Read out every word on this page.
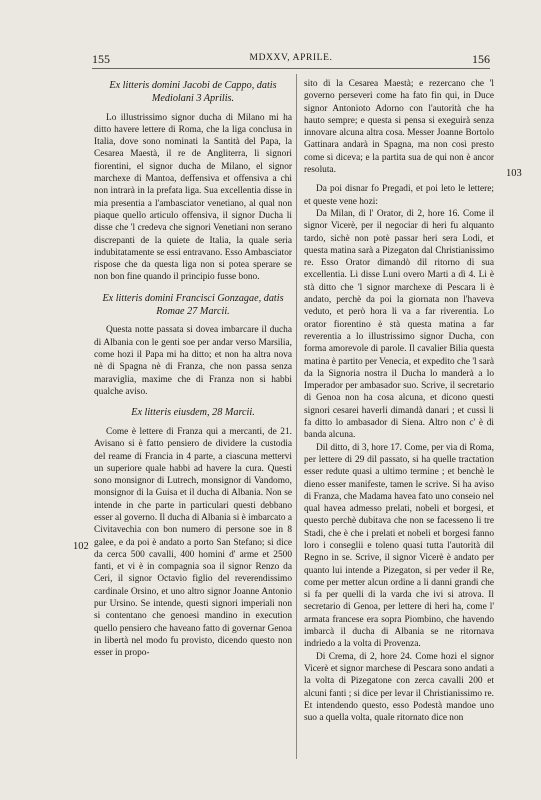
155	MDXXV, APRILE.	156
102
103
Ex litteris domini Jacobi de Cappo, datis Mediolani 3 Aprilis.

Lo illustrissimo signor ducha di Milano mi ha ditto havere lettere di Roma, che la liga conclusa in Italia, dove sono nominati la Santità del Papa, la Cesarea Maestà, il re de Angliterra, li signori fiorentini, el signor ducha de Milano, el signor marchexe di Mantoa, deffensiva et offensiva a chi non intrarà in la prefata liga. Sua excellentia disse in mia presentia a l'ambasciator venetiano, al qual non piaque quello articulo offensiva, il signor Ducha li disse che 'l credeva che signori Venetiani non serano discrepanti de la quiete de Italia, la quale seria indubitatamente se essi entravano. Esso Ambasciator rispose che da questa liga non si potea sperare se non bon fine quando il principio fusse bono.

Ex litteris domini Francisci Gonzagae, datis Romae 27 Marcii.

Questa notte passata si dovea imbarcare il ducha di Albania con le genti soe per andar verso Marsilia, come hozi il Papa mi ha ditto; et non ha altra nova nè di Spagna nè di Franza, che non passa senza maraviglia, maxime che di Franza non si habbi qualche aviso.

Ex litteris eiusdem, 28 Marcii.

Come è lettere di Franza qui a mercanti, de 21. Avisano si è fatto pensiero de dividere la custodia del reame di Francia in 4 parte, a ciascuna mettervi un superiore quale habbi ad havere la cura. Questi sono monsignor di Lutrech, monsignor di Vandomo, monsignor di la Guisa et il ducha di Albania. Non se intende in che parte in particulari questi debbano esser al governo. Il ducha di Albania si è imbarcato a Civitavechia con bon numero di persone soe in 8 galee, e da poi è andato a porto San Stefano; si dice da cerca 500 cavalli, 400 homini d' arme et 2500 fanti, et vi è in compagnia soa il signor Renzo da Ceri, il signor Octavio figlio del reverendissimo cardinale Orsino, et uno altro signor Joanne Antonio pur Ursino. Se intende, questi signori imperiali non si contentano che genoesi mandino in execution quello pensiero che haveano fatto di governar Genoa in libertà nel modo fu provisto, dicendo questo non esser in propo-

sito di la Cesarea Maestà; e rezercano che 'l governo perseveri come ha fato fin qui, in Duce signor Antonioto Adorno con l'autorità che ha hauto sempre; e questa si pensa si exeguirà senza innovare alcuna altra cosa. Messer Joanne Bortolo Gattinara andarà in Spagna, ma non così presto come si diceva; e la partita sua de qui non è ancor resoluta.

Da poi disnar fo Pregadi, et poi leto le lettere; et queste vene hozi:

Da Milan, di l' Orator, di 2, hore 16. Come il signor Vicerè, per il negociar di heri fu alquanto tardo, sichè non potè passar heri sera Lodi, et questa matina sarà a Pizegaton dal Christianissimo re. Esso Orator dimandò dil ritorno di sua excellentia. Li disse Luni overo Marti a dì 4. Li è stà ditto che 'l signor marchexe di Pescara li è andato, perchè da poi la giornata non l'haveva veduto, et però hora li va a far riverentia. Lo orator fiorentino è stà questa matina a far reverentia a lo illustrissimo signor Ducha, con forma amorevole di parole. Il cavalier Bilia questa matina è partito per Venecia, et expedito che 'l sarà da la Signoria nostra il Ducha lo manderà a lo Imperador per ambasador suo. Scrive, il secretario di Genoa non ha cosa alcuna, et dicono questi signori cesarei haverli dimandà danari ; et cussì li fa ditto lo ambasador di Siena. Altro non c' è di banda alcuna.

Dil ditto, di 3, hore 17. Come, per via di Roma, per lettere di 29 dil passato, si ha quelle tractation esser redute quasi a ultimo termine ; et benchè le dieno esser manifeste, tamen le scrive. Si ha aviso di Franza, che Madama havea fato uno conseio nel qual havea admesso prelati, nobeli et borgesi, et questo perchè dubitava che non se facesseno li tre Stadi, che è che i prelati et nobeli et borgesi fanno loro i conseglii e toleno quasi tutta l'autorità dil Regno in se. Scrive, il signor Vicerè è andato per quanto lui intende a Pizegaton, si per veder il Re, come per metter alcun ordine a li danni grandi che si fa per quelli di la varda che ivi si atrova. Il secretario di Genoa, per lettere di heri ha, come l' armata francese era sopra Piombino, che havendo imbarcà il ducha di Albania se ne ritornava indriedo a la volta di Provenza.

Di Crema, di 2, hore 24. Come hozi el signor Vicerè et signor marchese di Pescara sono andati a la volta di Pizegatone con zerca cavalli 200 et alcuni fanti ; si dice per levar il Christianissimo re. Et intendendo questo, esso Podestà mandoe uno suo a quella volta, quale ritornato dice non
